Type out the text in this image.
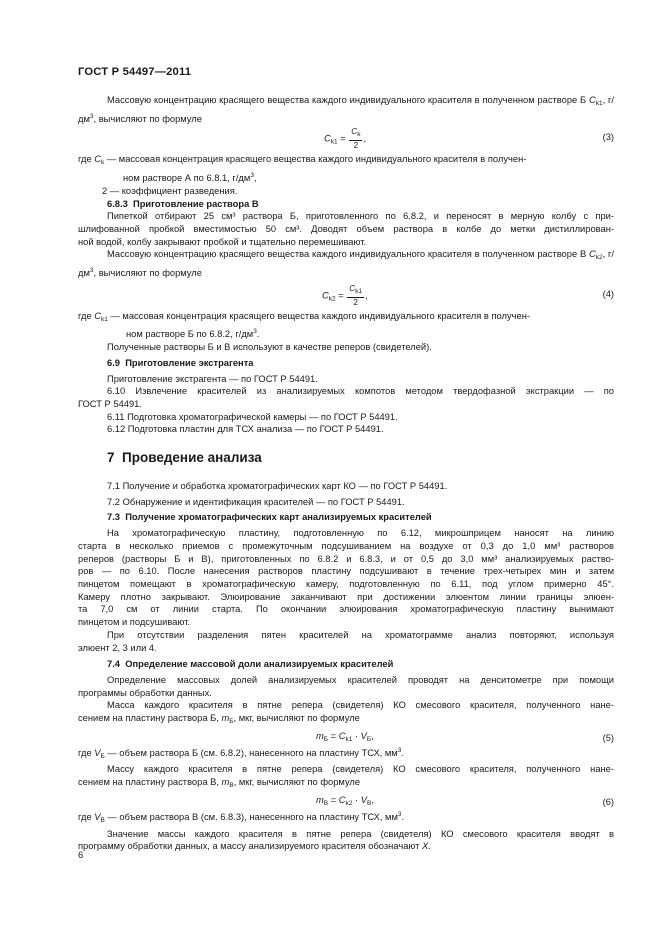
ГОСТ Р 54497—2011

Массовую концентрацию красящего вещества каждого индивидуального красителя в полученном растворе Б $C_{k1}$, $г/дм^3$, вычисляют по формуле

$C_{k1} = \frac{C_k}{2}$ ,	(3)

где $C_k$ — массовая концентрация красящего вещества каждого индивидуального красителя в получен-

ном растворе А по 6.8.1, $г/дм^3$,

2 — коэффициент разведения.

6.8.3 Приготовление раствора В

Пипеткой отбирают 25 см³ раствора Б, приготовленного по 6.8.2, и переносят в мерную колбу с при-

шлифованной пробкой вместимостью 50 см³. Доводят объем раствора в колбе до метки дистиллирован-

ной водой, колбу закрывают пробкой и тщательно перемешивают.

Массовую концентрацию красящего вещества каждого индивидуального красителя в полученном растворе В $C_{k2}$, $г/дм^3$, вычисляют по формуле

$C_{k2} = \frac{C_{k1}}{2}$ ,	(4)

где $C_{k1}$ — массовая концентрация красящего вещества каждого индивидуального красителя в получен-

ном растворе Б по 6.8.2, $г/дм^3$.

Полученные растворы Б и В используют в качестве реперов (свидетелей).

6.9 Приготовление экстрагента

Приготовление экстрагента — по ГОСТ Р 54491.

6.10 Извлечение красителей из анализируемых компотов методом твердофазной экстракции — по

ГОСТ Р 54491.

6.11 Подготовка хроматографической камеры — по ГОСТ Р 54491.

6.12 Подготовка пластин для ТСХ анализа — по ГОСТ Р 54491.

7 Проведение анализа

7.1 Получение и обработка хроматографических карт КО — по ГОСТ Р 54491.

7.2 Обнаружение и идентификация красителей — по ГОСТ Р 54491.

7.3 Получение хроматографических карт анализируемых красителей

На хроматографическую пластину, подготовленную по 6.12, микрошприцем наносят на линию

старта в несколько приемов с промежуточным подсушиванием на воздухе от 0,3 до 1,0 мм³ растворов

реперов (растворы Б и В), приготовленных по 6.8.2 и 6.8.3, и от 0,5 до 3,0 мм³ анализируемых раство-

ров — по 6.10. После нанесения растворов пластину подсушивают в течение трех-четырех мин и затем

пинцетом помещают в хроматографическую камеру, подготовленную по 6.11, под углом примерно 45°.

Камеру плотно закрывают. Элюирование заканчивают при достижении элюентом линии границы элюен-

та 7,0 см от линии старта. По окончании элюирования хроматографическую пластину вынимают

пинцетом и подсушивают.

При отсутствии разделения пятен красителей на хроматограмме анализ повторяют, используя

элюент 2, 3 или 4.

7.4 Определение массовой доли анализируемых красителей

Определение массовых долей анализируемых красителей проводят на денситометре при помощи

программы обработки данных.

Масса каждого красителя в пятне репера (свидетеля) КО смесового красителя, полученного нане-

сением на пластину раствора Б, $m_Б$, мкг, вычисляют по формуле

$m_Б = C_{k1} \cdot V_Б$,	(5)

где $V_Б$ — объем раствора Б (см. 6.8.2), нанесенного на пластину ТСХ, $мм^3$.

Массу каждого красителя в пятне репера (свидетеля) КО смесового красителя, полученного нане-

сением на пластину раствора В, $m_В$, мкг, вычисляют по формуле

$m_В = C_{k2} \cdot V_В$,	(6)

где $V_В$ — объем раствора В (см. 6.8.3), нанесенного на пластину ТСХ, $мм^3$.

Значение массы каждого красителя в пятне репера (свидетеля) КО смесового красителя вводят в

программу обработки данных, а массу анализируемого красителя обозначают X.

6
